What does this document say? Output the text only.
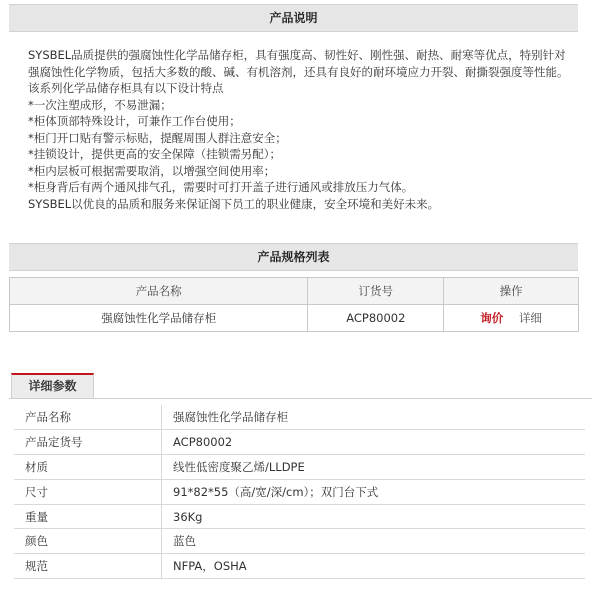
产品说明

SYSBEL品质提供的强腐蚀性化学品储存柜，具有强度高、韧性好、刚性强、耐热、耐寒等优点，特别针对强腐蚀性化学物质，包括大多数的酸、碱、有机溶剂，还具有良好的耐环境应力开裂、耐撕裂强度等性能。

该系列化学品储存柜具有以下设计特点

*一次注塑成形，不易泄漏；

*柜体顶部特殊设计，可兼作工作台使用；

*柜门开口贴有警示标贴，提醒周围人群注意安全；

*挂锁设计，提供更高的安全保障（挂锁需另配）；

*柜内层板可根据需要取消，以增强空间使用率；

*柜身背后有两个通风排气孔，需要时可打开盖子进行通风或排放压力气体。

SYSBEL以优良的品质和服务来保证阁下员工的职业健康，安全环境和美好未来。

产品规格列表
产品名称	订货号	操作
强腐蚀性化学品储存柜	ACP80002	询价 详细
详细参数
产品名称	强腐蚀性化学品储存柜
产品定货号	ACP80002
材质	线性低密度聚乙烯/LLDPE
尺寸	91*82*55（高/宽/深/cm）；双门台下式
重量	36Kg
颜色	蓝色
规范	NFPA，OSHA
